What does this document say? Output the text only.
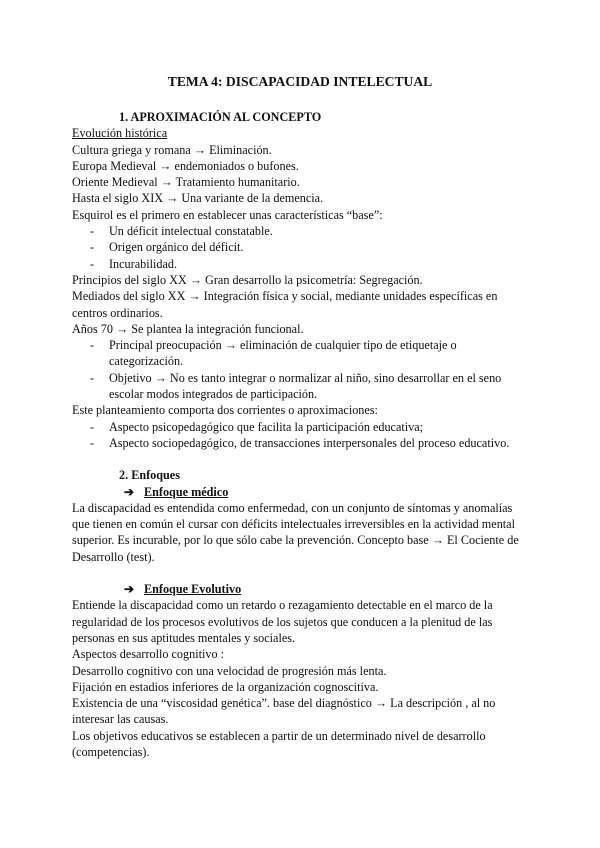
TEMA 4: DISCAPACIDAD INTELECTUAL
1. APROXIMACIÓN AL CONCEPTO
Evolución histórica
Cultura griega y romana → Eliminación.
Europa Medieval → endemoniados o bufones.
Oriente Medieval → Tratamiento humanitario.
Hasta el siglo XIX → Una variante de la demencia.
Esquirol es el primero en establecer unas características “base”:
- Un déficit intelectual constatable.
- Origen orgánico del déficit.
- Incurabilidad.
Principios del siglo XX → Gran desarrollo la psicometría: Segregación.
Mediados del siglo XX → Integración física y social, mediante unidades específicas en
centros ordinarios.
Años 70 → Se plantea la integración funcional.
- Principal preocupación → eliminación de cualquier tipo de etiquetaje o
categorización.
- Objetivo → No es tanto integrar o normalizar al niño, sino desarrollar en el seno
escolar modos integrados de participación.
Este planteamiento comporta dos corrientes o aproximaciones:
- Aspecto psicopedagógico que facilita la participación educativa;
- Aspecto sociopedagógico, de transacciones interpersonales del proceso educativo.
2. Enfoques
➔ Enfoque médico
La discapacidad es entendida como enfermedad, con un conjunto de síntomas y anomalías
que tienen en común el cursar con déficits intelectuales irreversibles en la actividad mental
superior. Es incurable, por lo que sólo cabe la prevención. Concepto base → El Cociente de
Desarrollo (test).
➔ Enfoque Evolutivo
Entiende la discapacidad como un retardo o rezagamiento detectable en el marco de la
regularidad de los procesos evolutivos de los sujetos que conducen a la plenitud de las
personas en sus aptitudes mentales y sociales.
Aspectos desarrollo cognitivo :
Desarrollo cognitivo con una velocidad de progresión más lenta.
Fijación en estadios inferiores de la organización cognoscitiva.
Existencia de una “viscosidad genética”. base del diagnóstico → La descripción , al no
interesar las causas.
Los objetivos educativos se establecen a partir de un determinado nivel de desarrollo
(competencias).
